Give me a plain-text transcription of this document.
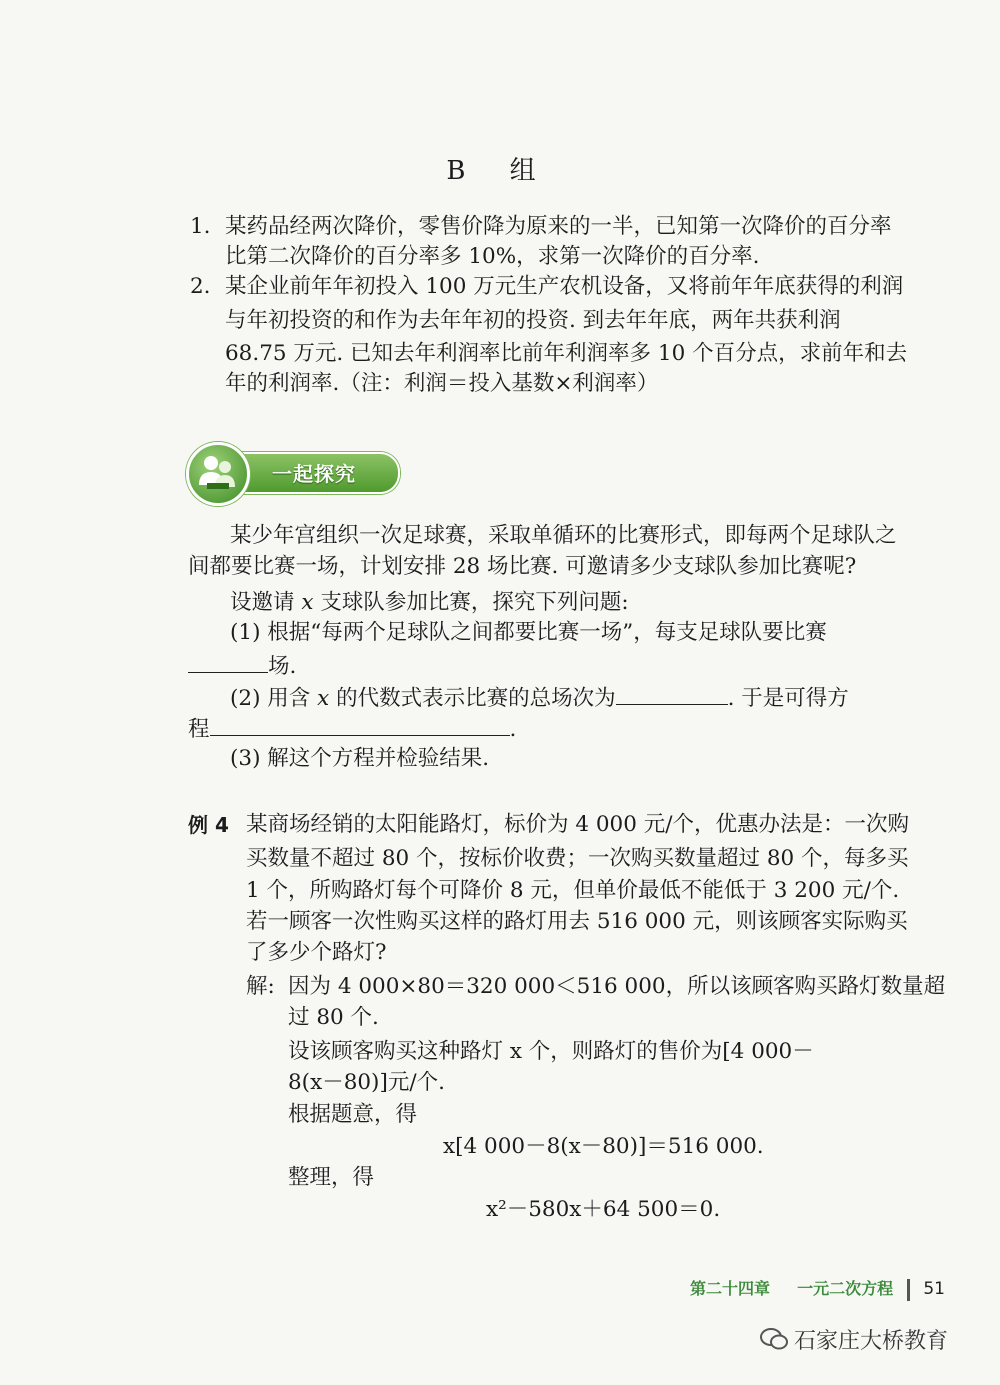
B 组
1. 某药品经两次降价，零售价降为原来的一半，已知第一次降价的百分率
比第二次降价的百分率多 10%，求第一次降价的百分率.
2. 某企业前年年初投入 100 万元生产农机设备，又将前年年底获得的利润
与年初投资的和作为去年年初的投资. 到去年年底，两年共获利润
68.75 万元. 已知去年利润率比前年利润率多 10 个百分点，求前年和去
年的利润率.（注：利润＝投入基数×利润率）
一起探究
某少年宫组织一次足球赛，采取单循环的比赛形式，即每两个足球队之
间都要比赛一场，计划安排 28 场比赛. 可邀请多少支球队参加比赛呢?
设邀请 x 支球队参加比赛，探究下列问题:
(1) 根据“每两个足球队之间都要比赛一场”，每支足球队要比赛
场.
(2) 用含 x 的代数式表示比赛的总场次为	. 于是可得方
程	.
(3) 解这个方程并检验结果.
例 4 某商场经销的太阳能路灯，标价为 4 000 元/个，优惠办法是：一次购
买数量不超过 80 个，按标价收费；一次购买数量超过 80 个，每多买
1 个，所购路灯每个可降价 8 元，但单价最低不能低于 3 200 元/个.
若一顾客一次性购买这样的路灯用去 516 000 元，则该顾客实际购买
了多少个路灯?
解: 因为 4 000×80＝320 000＜516 000，所以该顾客购买路灯数量超
过 80 个.
设该顾客购买这种路灯 x 个，则路灯的售价为[4 000－
8(x－80)]元/个.
根据题意，得
x[4 000－8(x－80)]＝516 000.
整理，得
x²－580x＋64 500＝0.
第二十四章 一元二次方程 51
石家庄大桥教育
